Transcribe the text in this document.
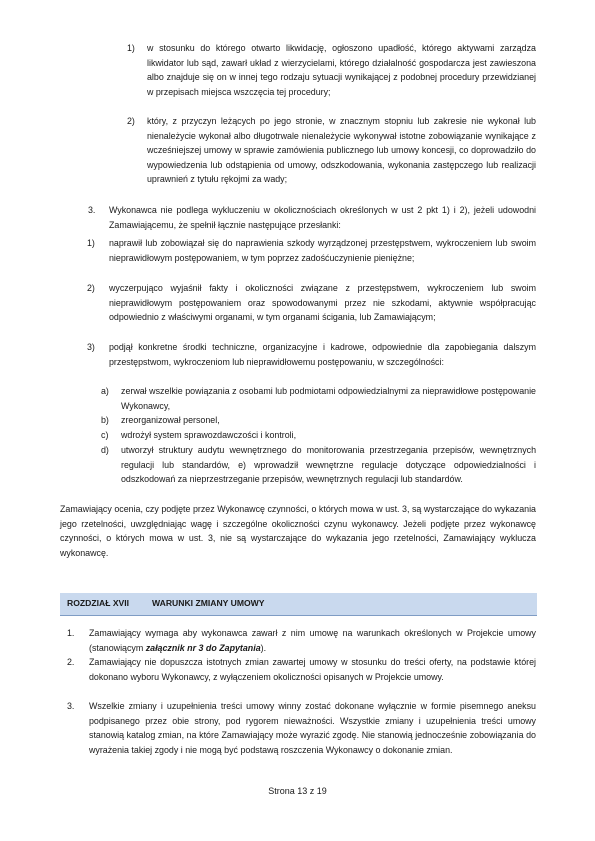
1) w stosunku do którego otwarto likwidację, ogłoszono upadłość, którego aktywami zarządza likwidator lub sąd, zawarł układ z wierzycielami, którego działalność gospodarcza jest zawieszona albo znajduje się on w innej tego rodzaju sytuacji wynikającej z podobnej procedury przewidzianej w przepisach miejsca wszczęcia tej procedury;

2) który, z przyczyn leżących po jego stronie, w znacznym stopniu lub zakresie nie wykonał lub nienależycie wykonał albo długotrwale nienależycie wykonywał istotne zobowiązanie wynikające z wcześniejszej umowy w sprawie zamówienia publicznego lub umowy koncesji, co doprowadziło do wypowiedzenia lub odstąpienia od umowy, odszkodowania, wykonania zastępczego lub realizacji uprawnień z tytułu rękojmi za wady;

3. Wykonawca nie podlega wykluczeniu w okolicznościach określonych w ust 2 pkt 1) i 2), jeżeli udowodni Zamawiającemu, że spełnił łącznie następujące przesłanki:

1) naprawił lub zobowiązał się do naprawienia szkody wyrządzonej przestępstwem, wykroczeniem lub swoim nieprawidłowym postępowaniem, w tym poprzez zadośćuczynienie pieniężne;

2) wyczerpująco wyjaśnił fakty i okoliczności związane z przestępstwem, wykroczeniem lub swoim nieprawidłowym postępowaniem oraz spowodowanymi przez nie szkodami, aktywnie współpracując odpowiednio z właściwymi organami, w tym organami ścigania, lub Zamawiającym;

3) podjął konkretne środki techniczne, organizacyjne i kadrowe, odpowiednie dla zapobiegania dalszym przestępstwom, wykroczeniom lub nieprawidłowemu postępowaniu, w szczególności:

a) zerwał wszelkie powiązania z osobami lub podmiotami odpowiedzialnymi za nieprawidłowe postępowanie Wykonawcy,

b) zreorganizował personel,

c) wdrożył system sprawozdawczości i kontroli,

d) utworzył struktury audytu wewnętrznego do monitorowania przestrzegania przepisów, wewnętrznych regulacji lub standardów, e) wprowadził wewnętrzne regulacje dotyczące odpowiedzialności i odszkodowań za nieprzestrzeganie przepisów, wewnętrznych regulacji lub standardów.

Zamawiający ocenia, czy podjęte przez Wykonawcę czynności, o których mowa w ust. 3, są wystarczające do wykazania jego rzetelności, uwzględniając wagę i szczególne okoliczności czynu wykonawcy. Jeżeli podjęte przez wykonawcę czynności, o których mowa w ust. 3, nie są wystarczające do wykazania jego rzetelności, Zamawiający wyklucza wykonawcę.

ROZDZIAŁ XVII	WARUNKI ZMIANY UMOWY
1. Zamawiający wymaga aby wykonawca zawarł z nim umowę na warunkach określonych w Projekcie umowy (stanowiącym załącznik nr 3 do Zapytania).

2. Zamawiający nie dopuszcza istotnych zmian zawartej umowy w stosunku do treści oferty, na podstawie której dokonano wyboru Wykonawcy, z wyłączeniem okoliczności opisanych w Projekcie umowy.

3. Wszelkie zmiany i uzupełnienia treści umowy winny zostać dokonane wyłącznie w formie pisemnego aneksu podpisanego przez obie strony, pod rygorem nieważności. Wszystkie zmiany i uzupełnienia treści umowy stanowią katalog zmian, na które Zamawiający może wyrazić zgodę. Nie stanowią jednocześnie zobowiązania do wyrażenia takiej zgody i nie mogą być podstawą roszczenia Wykonawcy o dokonanie zmian.

Strona 13 z 19
